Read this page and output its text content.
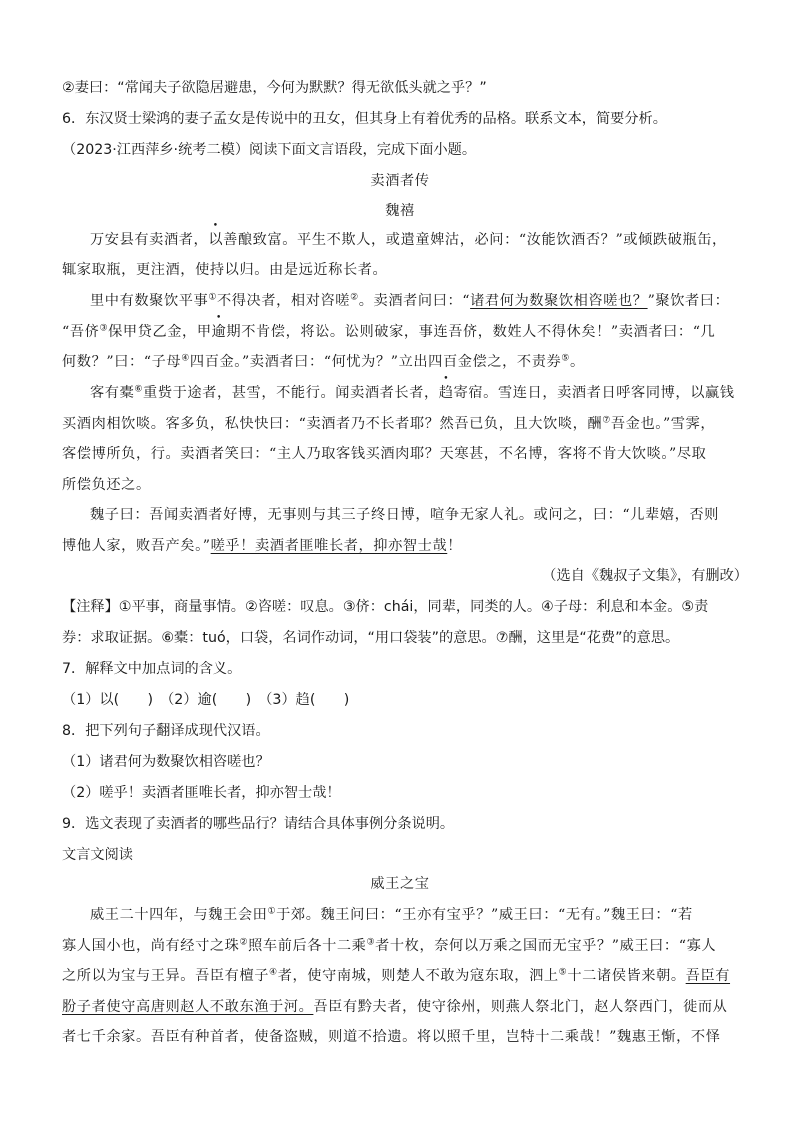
②妻曰：“常闻夫子欲隐居避患，今何为默默？得无欲低头就之乎？”
6．东汉贤士梁鸿的妻子孟女是传说中的丑女，但其身上有着优秀的品格。联系文本，简要分析。
（2023·江西萍乡·统考二模）阅读下面文言语段，完成下面小题。
卖酒者传
魏禧
万安县有卖酒者，以善酿致富。平生不欺人，或遣童婢沽，必问：“汝能饮酒否？”或倾跌破瓶缶，
辄家取瓶，更注酒，使持以归。由是远近称长者。
里中有数聚饮平事①不得决者，相对咨嗟②。卖酒者问曰：“诸君何为数聚饮相咨嗟也？”聚饮者曰：
“吾侪③保甲贷乙金，甲逾期不肯偿，将讼。讼则破家，事连吾侪，数姓人不得休矣！”卖酒者曰：“几
何数？”曰：“子母④四百金。”卖酒者曰：“何忧为？”立出四百金偿之，不责券⑤。
客有橐⑥重赀于途者，甚雪，不能行。闻卖酒者长者，趋寄宿。雪连日，卖酒者日呼客同博，以赢钱
买酒肉相饮啖。客多负，私快快曰：“卖酒者乃不长者耶？然吾已负，且大饮啖，酬⑦吾金也。”雪霁，
客偿博所负，行。卖酒者笑曰：“主人乃取客钱买酒肉耶？天寒甚，不名博，客将不肯大饮啖。”尽取
所偿负还之。
魏子曰：吾闻卖酒者好博，无事则与其三子终日博，喧争无家人礼。或问之，曰：“儿辈嬉，否则
博他人家，败吾产矣。”嗟乎！卖酒者匪唯长者，抑亦智士哉！
（选自《魏叔子文集》，有删改）
【注释】①平事，商量事情。②咨嗟：叹息。③侪：chái，同辈，同类的人。④子母：利息和本金。⑤责
券：求取证据。⑥橐：tuó，口袋，名词作动词，“用口袋装”的意思。⑦酬，这里是“花费”的意思。
7．解释文中加点词的含义。
（1）以(　　)　（2）逾(　　)　（3）趋(　　)
8．把下列句子翻译成现代汉语。
（1）诸君何为数聚饮相咨嗟也？
（2）嗟乎！卖酒者匪唯长者，抑亦智士哉！
9．选文表现了卖酒者的哪些品行？请结合具体事例分条说明。
文言文阅读
威王之宝
威王二十四年，与魏王会田①于郊。魏王问曰：“王亦有宝乎？”威王曰：“无有。”魏王曰：“若
寡人国小也，尚有经寸之珠②照车前后各十二乘③者十枚，奈何以万乘之国而无宝乎？”威王曰：“寡人
之所以为宝与王异。吾臣有檀子④者，使守南城，则楚人不敢为寇东取，泗上⑤十二诸侯皆来朝。吾臣有
肦子者使守高唐则赵人不敢东渔于河。吾臣有黔夫者，使守徐州，则燕人祭北门，赵人祭西门，徙而从
者七千余家。吾臣有种首者，使备盗贼，则道不拾遗。将以照千里，岂特十二乘哉！”魏惠王惭，不怿
